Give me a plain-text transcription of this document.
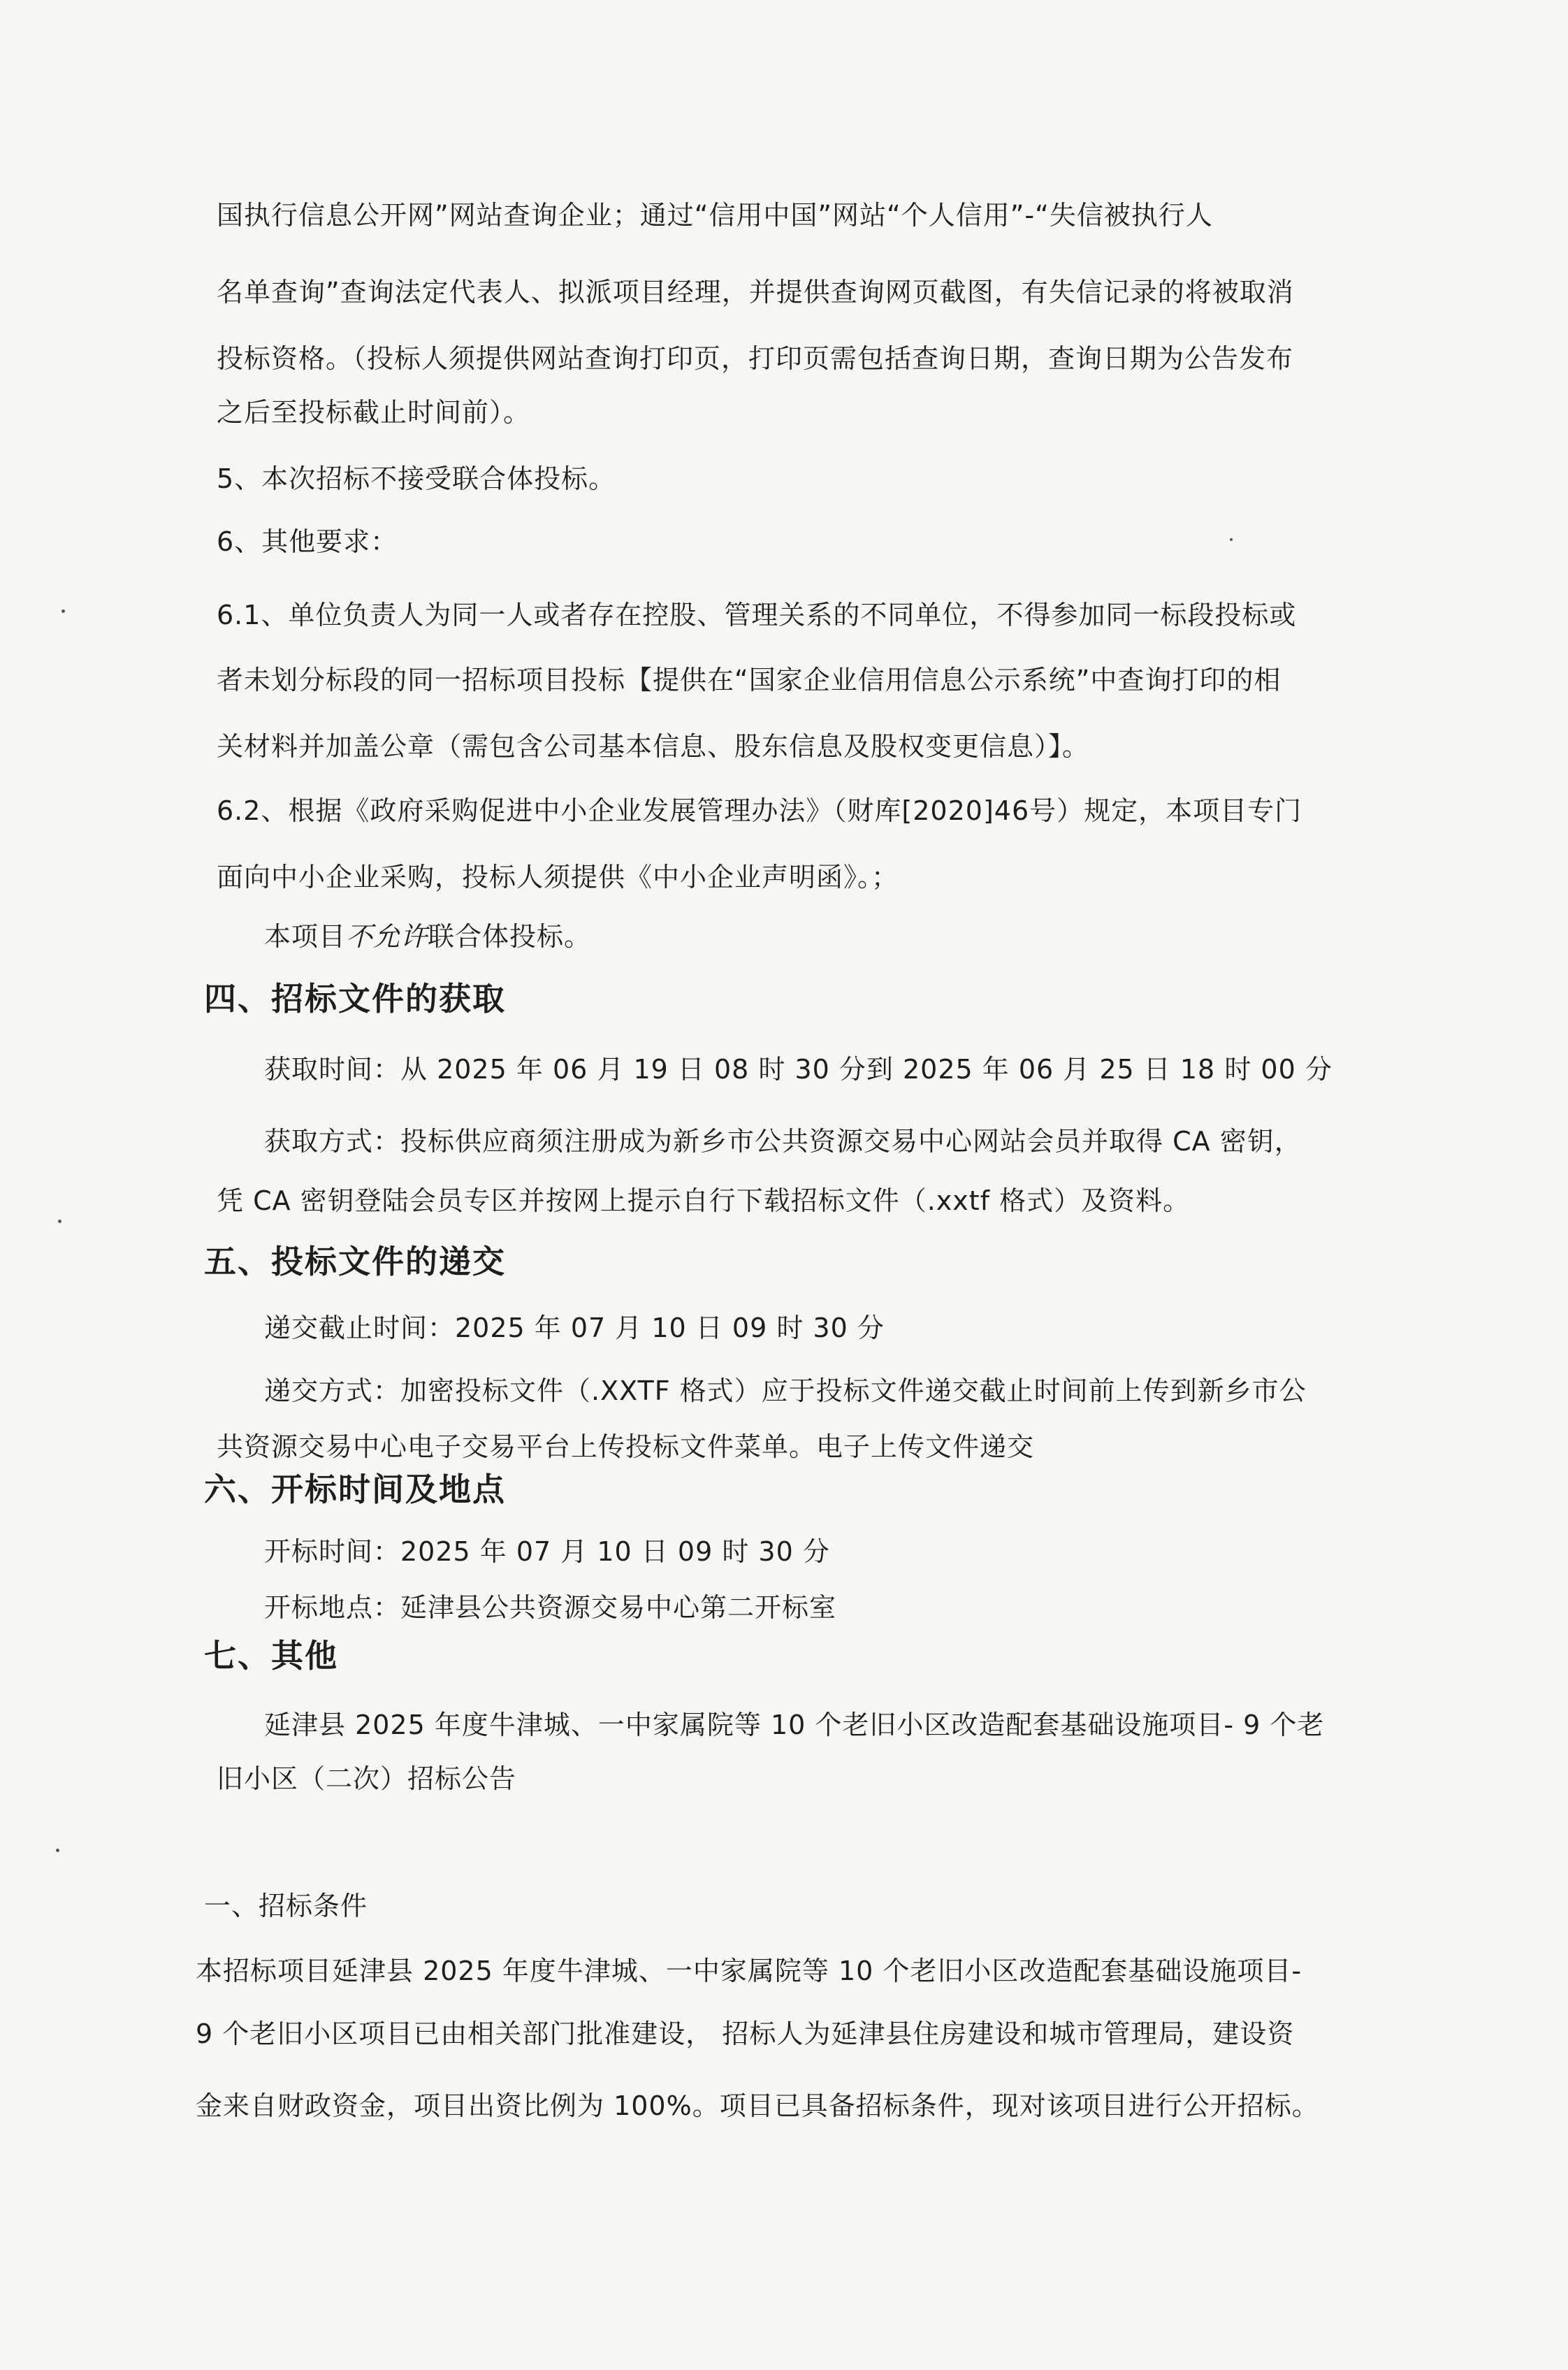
国执行信息公开网”网站查询企业；通过“信用中国”网站“个人信用”-“失信被执行人
名单查询”查询法定代表人、拟派项目经理，并提供查询网页截图，有失信记录的将被取消
投标资格。（投标人须提供网站查询打印页，打印页需包括查询日期，查询日期为公告发布
之后至投标截止时间前）。
5、本次招标不接受联合体投标。
6、其他要求：
6.1、单位负责人为同一人或者存在控股、管理关系的不同单位，不得参加同一标段投标或
者未划分标段的同一招标项目投标【提供在“国家企业信用信息公示系统”中查询打印的相
关材料并加盖公章（需包含公司基本信息、股东信息及股权变更信息）】。
6.2、根据《政府采购促进中小企业发展管理办法》（财库[2020]46号）规定，本项目专门
面向中小企业采购，投标人须提供《中小企业声明函》。；
本项目不允许联合体投标。
四、招标文件的获取
获取时间：从 2025 年 06 月 19 日 08 时 30 分到 2025 年 06 月 25 日 18 时 00 分
获取方式：投标供应商须注册成为新乡市公共资源交易中心网站会员并取得 CA 密钥，
凭 CA 密钥登陆会员专区并按网上提示自行下载招标文件（.xxtf 格式）及资料。
五、投标文件的递交
递交截止时间：2025 年 07 月 10 日 09 时 30 分
递交方式：加密投标文件（.XXTF 格式）应于投标文件递交截止时间前上传到新乡市公
共资源交易中心电子交易平台上传投标文件菜单。电子上传文件递交
六、开标时间及地点
开标时间：2025 年 07 月 10 日 09 时 30 分
开标地点：延津县公共资源交易中心第二开标室
七、其他
延津县 2025 年度牛津城、一中家属院等 10 个老旧小区改造配套基础设施项目- 9 个老
旧小区（二次）招标公告
一、招标条件
本招标项目延津县 2025 年度牛津城、一中家属院等 10 个老旧小区改造配套基础设施项目-
9 个老旧小区项目已由相关部门批准建设， 招标人为延津县住房建设和城市管理局，建设资
金来自财政资金，项目出资比例为 100%。项目已具备招标条件，现对该项目进行公开招标。
